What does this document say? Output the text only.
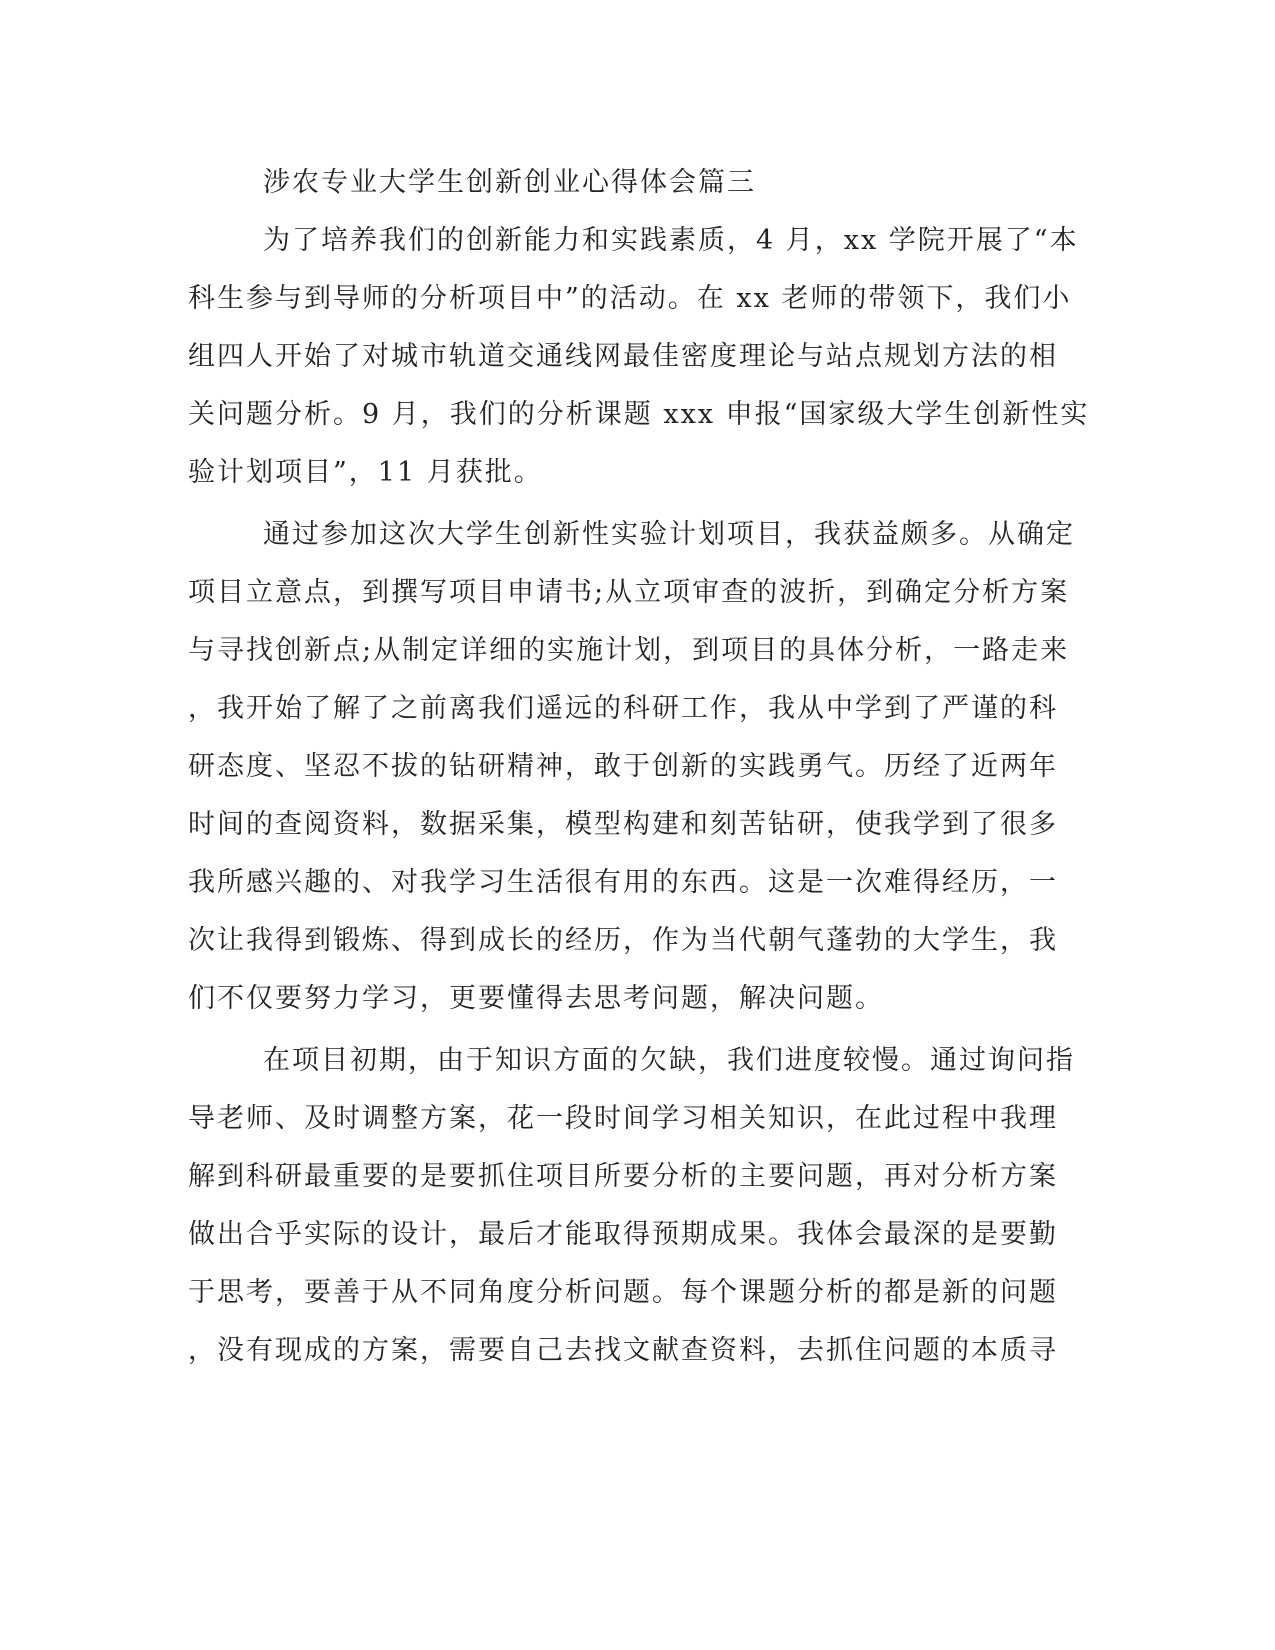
涉农专业大学生创新创业心得体会篇三
为了培养我们的创新能力和实践素质，4 月，xx 学院开展了“本
科生参与到导师的分析项目中”的活动。在 xx 老师的带领下，我们小
组四人开始了对城市轨道交通线网最佳密度理论与站点规划方法的相
关问题分析。9 月，我们的分析课题 xxx 申报“国家级大学生创新性实
验计划项目”，11 月获批。
通过参加这次大学生创新性实验计划项目，我获益颇多。从确定
项目立意点，到撰写项目申请书;从立项审查的波折，到确定分析方案
与寻找创新点;从制定详细的实施计划，到项目的具体分析，一路走来
，我开始了解了之前离我们遥远的科研工作，我从中学到了严谨的科
研态度、坚忍不拔的钻研精神，敢于创新的实践勇气。历经了近两年
时间的查阅资料，数据采集，模型构建和刻苦钻研，使我学到了很多
我所感兴趣的、对我学习生活很有用的东西。这是一次难得经历，一
次让我得到锻炼、得到成长的经历，作为当代朝气蓬勃的大学生，我
们不仅要努力学习，更要懂得去思考问题，解决问题。
在项目初期，由于知识方面的欠缺，我们进度较慢。通过询问指
导老师、及时调整方案，花一段时间学习相关知识，在此过程中我理
解到科研最重要的是要抓住项目所要分析的主要问题，再对分析方案
做出合乎实际的设计，最后才能取得预期成果。我体会最深的是要勤
于思考，要善于从不同角度分析问题。每个课题分析的都是新的问题
，没有现成的方案，需要自己去找文献查资料，去抓住问题的本质寻
